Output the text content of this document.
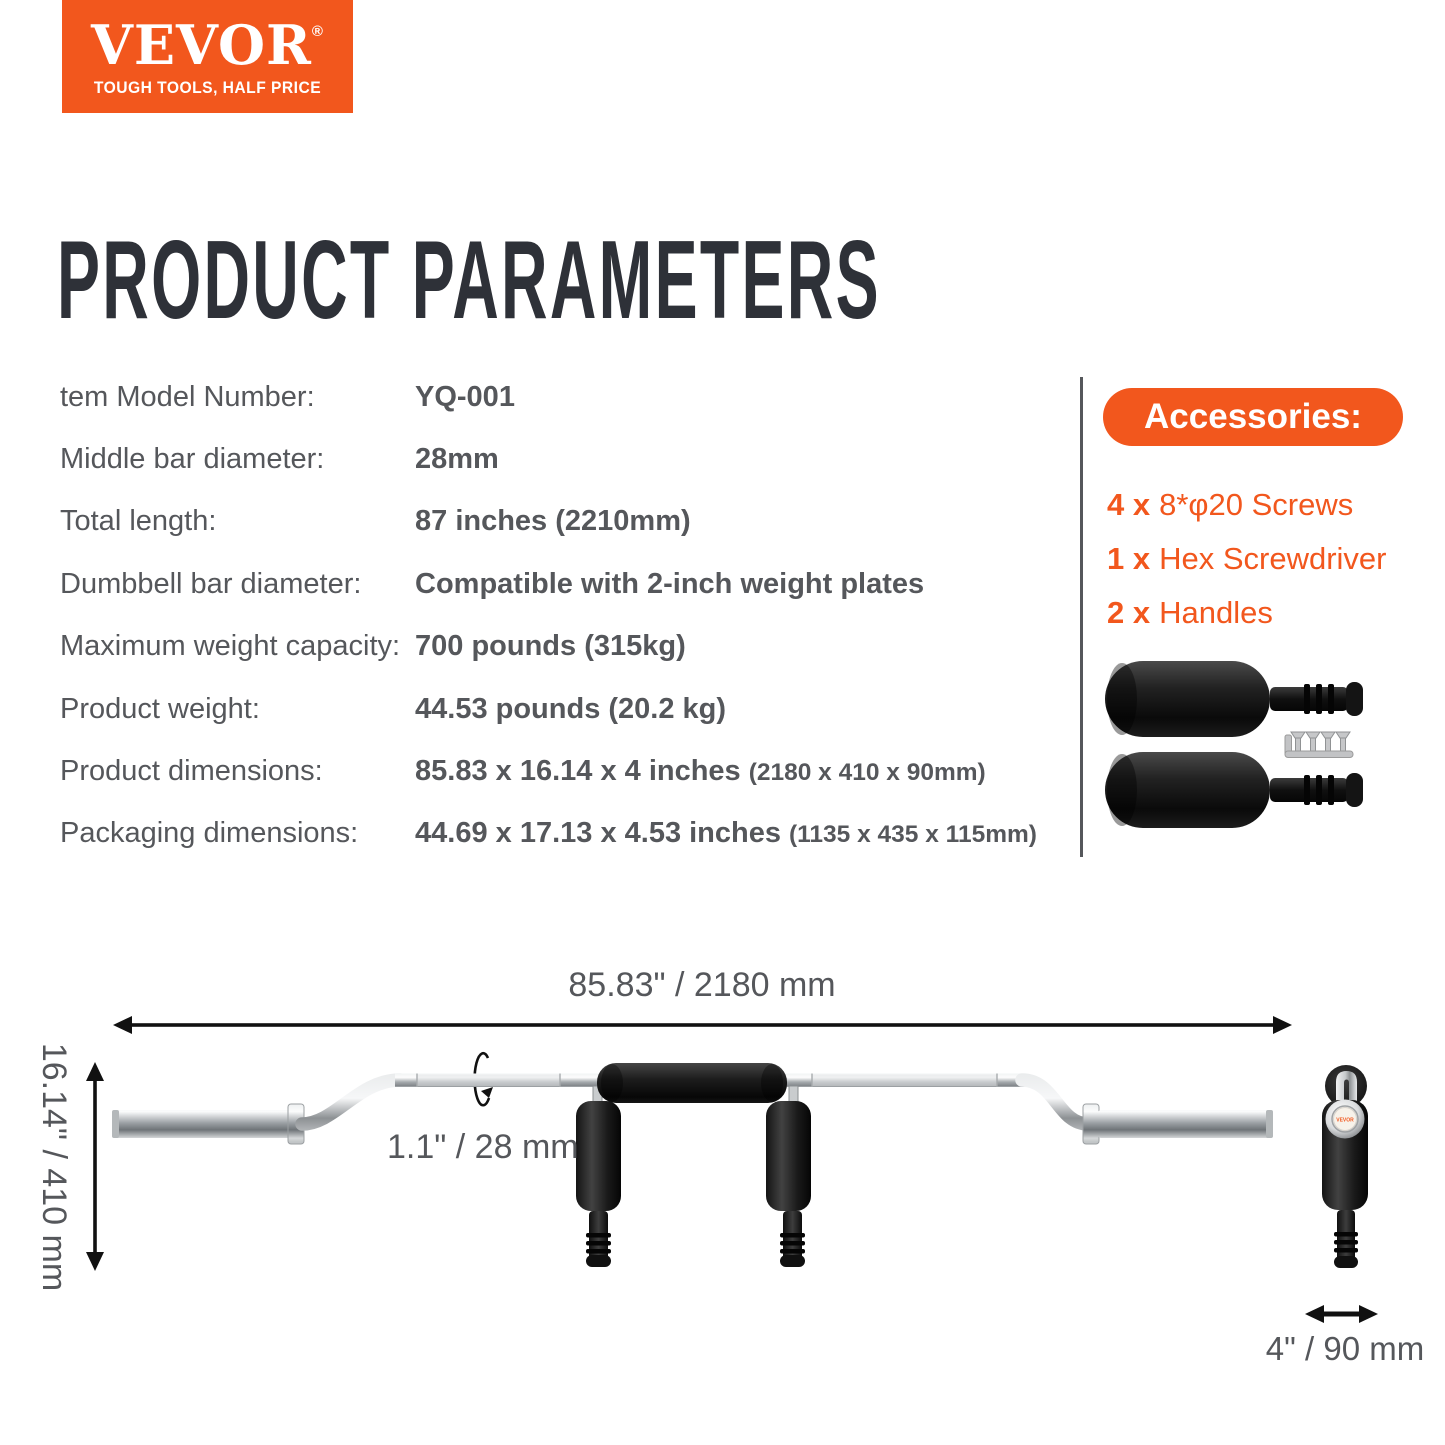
VEVOR®
TOUGH TOOLS, HALF PRICE
PRODUCT PARAMETERS
tem Model Number:	YQ-001
Middle bar diameter:	28mm
Total length:	87 inches (2210mm)
Dumbbell bar diameter:	Compatible with 2-inch weight plates
Maximum weight capacity: 700 pounds (315kg)
Product weight:	44.53 pounds (20.2 kg)
Product dimensions:	85.83 x 16.14 x 4 inches (2180 x 410 x 90mm)
Packaging dimensions:	44.69 x 17.13 x 4.53 inches (1135 x 435 x 115mm)
Accessories:
4 x 8*φ20 Screws
1 x Hex Screwdriver
2 x Handles
VEVOR
85.83" / 2180 mm
1.1" / 28 mm
16.14" / 410 mm
4" / 90 mm
